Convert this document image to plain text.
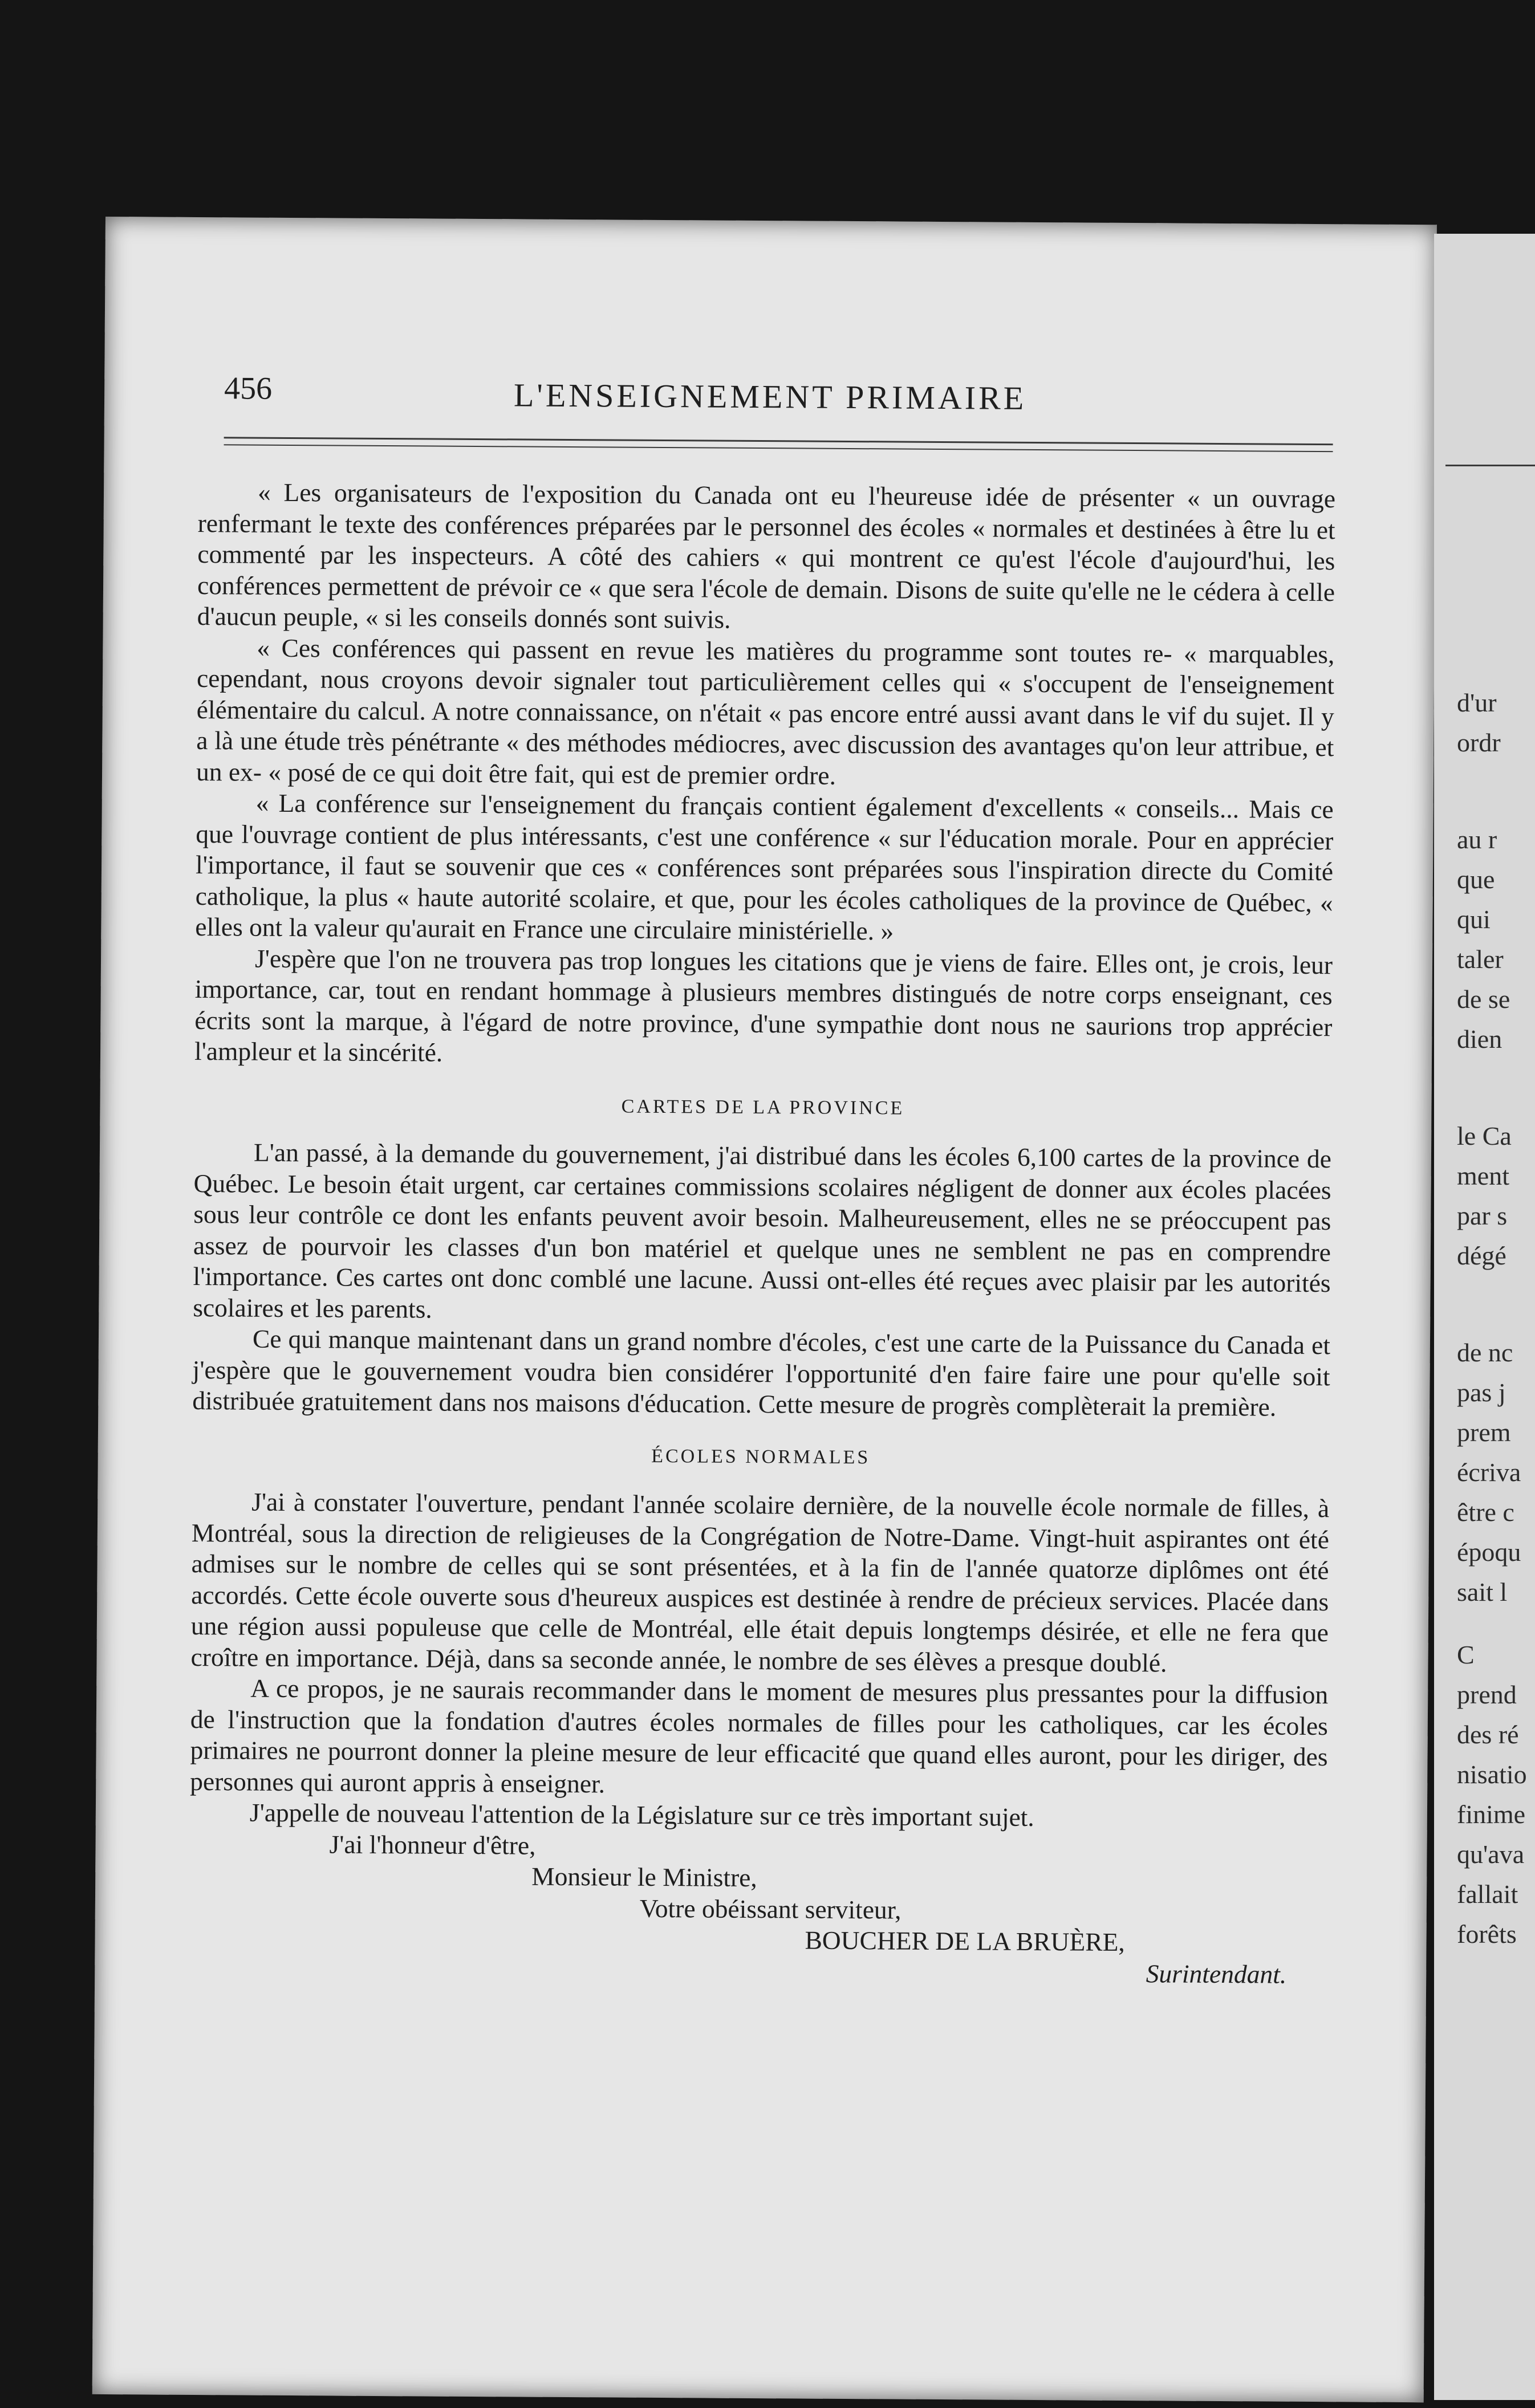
456	L'ENSEIGNEMENT PRIMAIRE

« Les organisateurs de l'exposition du Canada ont eu l'heureuse idée de présenter « un ouvrage renfermant le texte des conférences préparées par le personnel des écoles « normales et destinées à être lu et commenté par les inspecteurs. A côté des cahiers « qui montrent ce qu'est l'école d'aujourd'hui, les conférences permettent de prévoir ce « que sera l'école de demain. Disons de suite qu'elle ne le cédera à celle d'aucun peuple, « si les conseils donnés sont suivis.

« Ces conférences qui passent en revue les matières du programme sont toutes re- « marquables, cependant, nous croyons devoir signaler tout particulièrement celles qui « s'occupent de l'enseignement élémentaire du calcul. A notre connaissance, on n'était « pas encore entré aussi avant dans le vif du sujet. Il y a là une étude très pénétrante « des méthodes médiocres, avec discussion des avantages qu'on leur attribue, et un ex- « posé de ce qui doit être fait, qui est de premier ordre.

« La conférence sur l'enseignement du français contient également d'excellents « conseils... Mais ce que l'ouvrage contient de plus intéressants, c'est une conférence « sur l'éducation morale. Pour en apprécier l'importance, il faut se souvenir que ces « conférences sont préparées sous l'inspiration directe du Comité catholique, la plus « haute autorité scolaire, et que, pour les écoles catholiques de la province de Québec, « elles ont la valeur qu'aurait en France une circulaire ministérielle. »

J'espère que l'on ne trouvera pas trop longues les citations que je viens de faire. Elles ont, je crois, leur importance, car, tout en rendant hommage à plusieurs membres distingués de notre corps enseignant, ces écrits sont la marque, à l'égard de notre province, d'une sympathie dont nous ne saurions trop apprécier l'ampleur et la sincérité.

CARTES DE LA PROVINCE

L'an passé, à la demande du gouvernement, j'ai distribué dans les écoles 6,100 cartes de la province de Québec. Le besoin était urgent, car certaines commissions scolaires négligent de donner aux écoles placées sous leur contrôle ce dont les enfants peuvent avoir besoin. Malheureusement, elles ne se préoccupent pas assez de pourvoir les classes d'un bon matériel et quelque unes ne semblent ne pas en comprendre l'importance. Ces cartes ont donc comblé une lacune. Aussi ont-elles été reçues avec plaisir par les autorités scolaires et les parents.

Ce qui manque maintenant dans un grand nombre d'écoles, c'est une carte de la Puissance du Canada et j'espère que le gouvernement voudra bien considérer l'opportunité d'en faire faire une pour qu'elle soit distribuée gratuitement dans nos maisons d'éducation. Cette mesure de progrès complèterait la première.

ÉCOLES NORMALES

J'ai à constater l'ouverture, pendant l'année scolaire dernière, de la nouvelle école normale de filles, à Montréal, sous la direction de religieuses de la Congrégation de Notre-Dame. Vingt-huit aspirantes ont été admises sur le nombre de celles qui se sont présentées, et à la fin de l'année quatorze diplômes ont été accordés. Cette école ouverte sous d'heureux auspices est destinée à rendre de précieux services. Placée dans une région aussi populeuse que celle de Montréal, elle était depuis longtemps désirée, et elle ne fera que croître en importance. Déjà, dans sa seconde année, le nombre de ses élèves a presque doublé.

A ce propos, je ne saurais recommander dans le moment de mesures plus pressantes pour la diffusion de l'instruction que la fondation d'autres écoles normales de filles pour les catholiques, car les écoles primaires ne pourront donner la pleine mesure de leur efficacité que quand elles auront, pour les diriger, des personnes qui auront appris à enseigner.

J'appelle de nouveau l'attention de la Législature sur ce très important sujet.

J'ai l'honneur d'être,
Monsieur le Ministre,
Votre obéissant serviteur,
BOUCHER DE LA BRUÈRE,
Surintendant.
d'ur
ordr
au r
que
qui
taler
de se
dien
le Ca
ment
par s
dégé
de nc
pas j
prem
écriva
être c
époqu
sait l
C
prend
des ré
nisatio
finime
qu'ava
fallait
forêts
